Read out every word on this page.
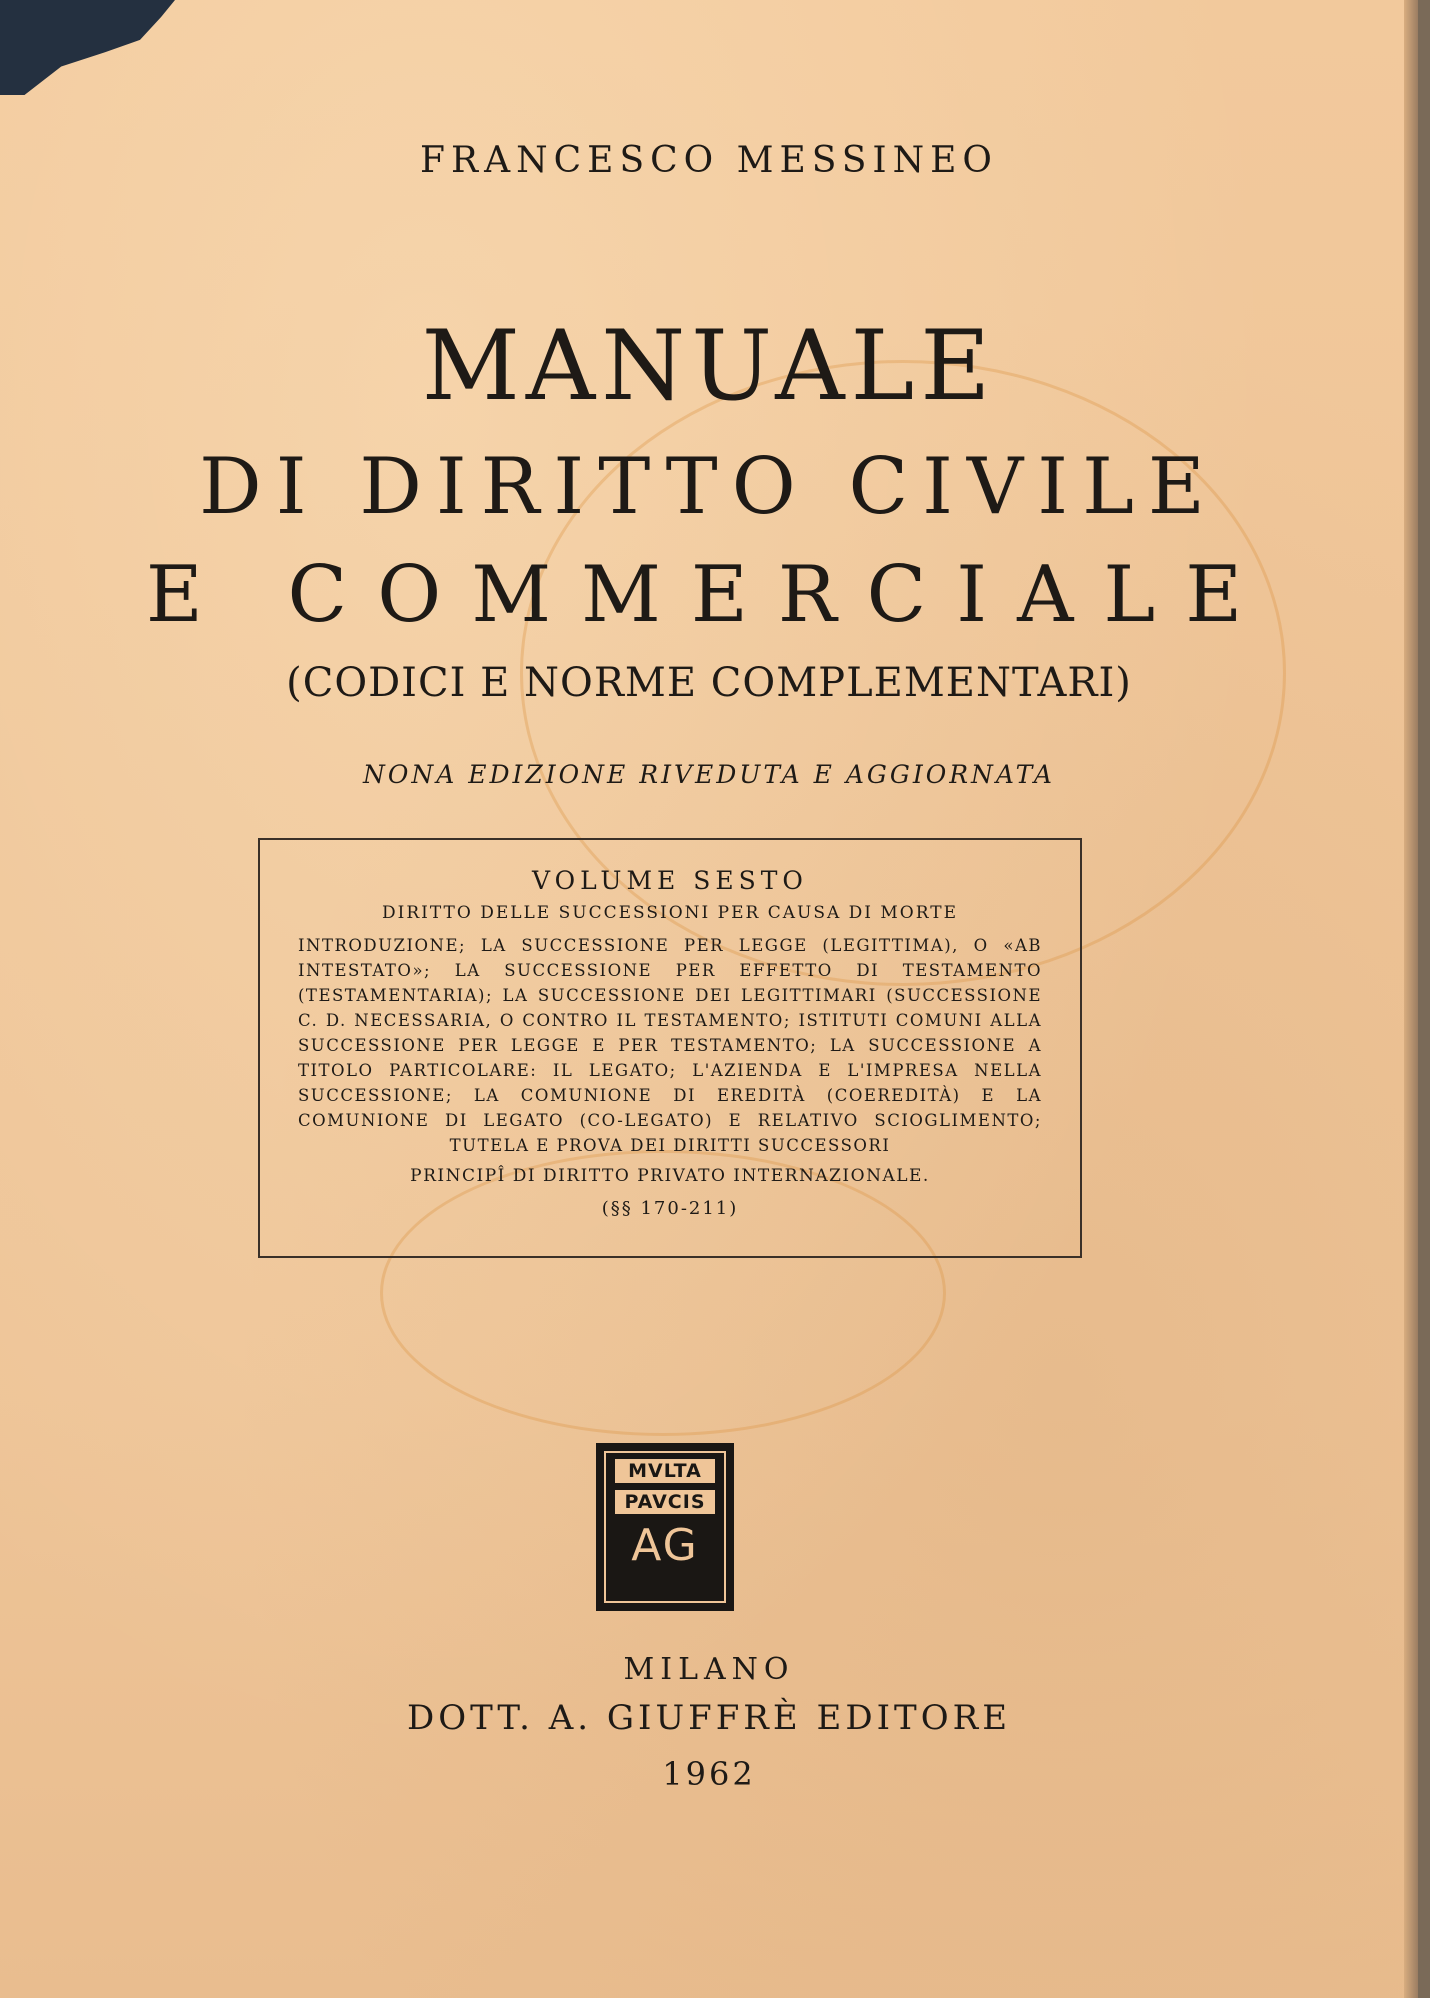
FRANCESCO MESSINEO
MANUALE
DI DIRITTO CIVILE
E COMMERCIALE
(CODICI E NORME COMPLEMENTARI)
NONA EDIZIONE RIVEDUTA E AGGIORNATA
VOLUME SESTO
DIRITTO DELLE SUCCESSIONI PER CAUSA DI MORTE
INTRODUZIONE; LA SUCCESSIONE PER LEGGE (LEGITTIMA), O «AB INTESTATO»; LA SUCCESSIONE PER EFFETTO DI TESTAMENTO (TESTAMENTARIA); LA SUCCESSIONE DEI LEGITTIMARI (SUCCESSIONE C. D. NECESSARIA, O CONTRO IL TESTAMENTO; ISTITUTI COMUNI ALLA SUCCESSIONE PER LEGGE E PER TESTAMENTO; LA SUCCESSIONE A TITOLO PARTICOLARE: IL LEGATO; L'AZIENDA E L'IMPRESA NELLA SUCCESSIONE; LA COMUNIONE DI EREDITÀ (COEREDITÀ) E LA COMUNIONE DI LEGATO (CO-LEGATO) E RELATIVO SCIOGLIMENTO; TUTELA E PROVA DEI DIRITTI SUCCESSORI
PRINCIPÎ DI DIRITTO PRIVATO INTERNAZIONALE.
(§§ 170-211)
MVLTA
PAVCIS
AG
MILANO
DOTT. A. GIUFFRÈ EDITORE
1962
